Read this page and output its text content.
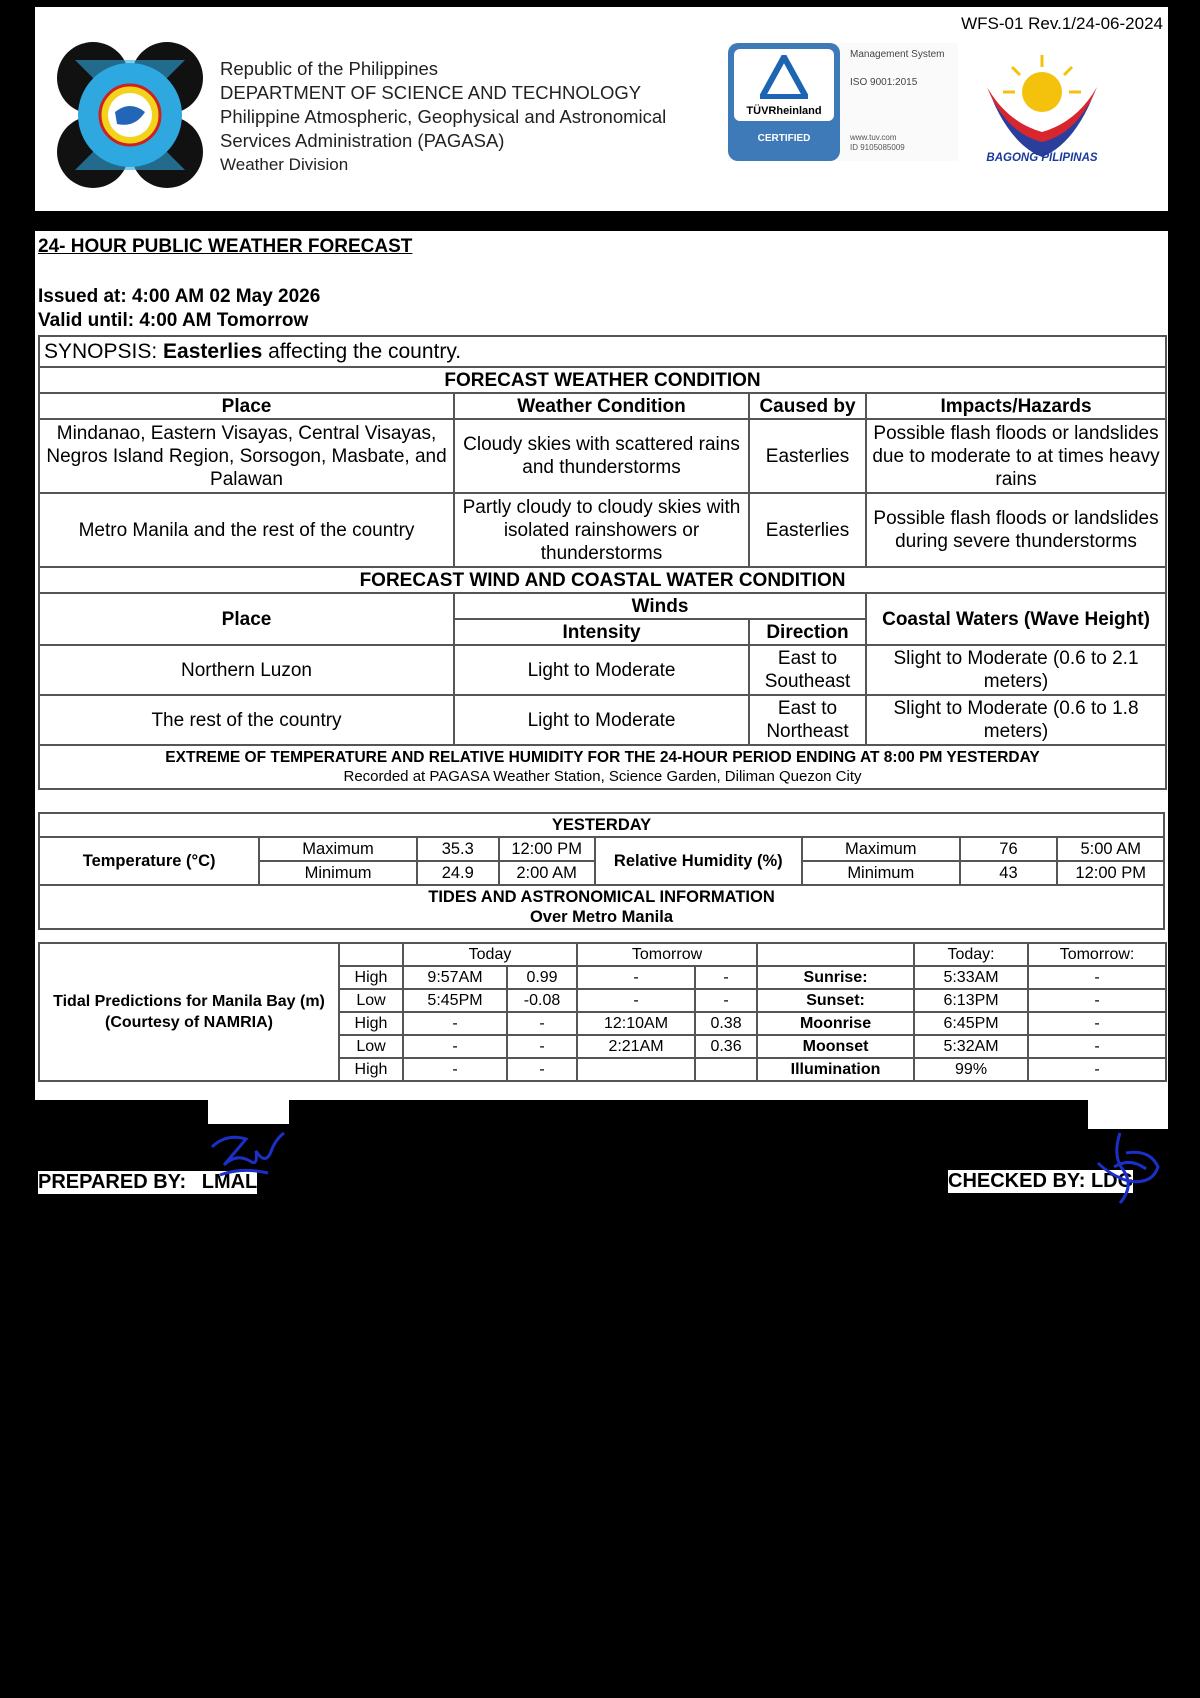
WFS-01 Rev.1/24-06-2024
Republic of the Philippines
DEPARTMENT OF SCIENCE AND TECHNOLOGY
Philippine Atmospheric, Geophysical and Astronomical
Services Administration (PAGASA)
Weather Division
TÜVRheinland
CERTIFIED
Management System
ISO 9001:2015
www.tuv.com
ID 9105085009
BAGONG PILIPINAS
24- HOUR PUBLIC WEATHER FORECAST
Issued at: 4:00 AM 02 May 2026
Valid until: 4:00 AM Tomorrow
SYNOPSIS: Easterlies affecting the country.			
FORECAST WEATHER CONDITION			
Place	Weather Condition	Caused by	Impacts/Hazards
Mindanao, Eastern Visayas, Central Visayas, Negros Island Region, Sorsogon, Masbate, and Palawan	Cloudy skies with scattered rains and thunderstorms	Easterlies	Possible flash floods or landslides due to moderate to at times heavy rains
Metro Manila and the rest of the country	Partly cloudy to cloudy skies with isolated rainshowers or thunderstorms	Easterlies	Possible flash floods or landslides during severe thunderstorms
FORECAST WIND AND COASTAL WATER CONDITION			
Place	Winds		Coastal Waters (Wave Height)
	Intensity	Direction	
Northern Luzon	Light to Moderate	East to Southeast	Slight to Moderate (0.6 to 2.1 meters)
The rest of the country	Light to Moderate	East to Northeast	Slight to Moderate (0.6 to 1.8 meters)

EXTREME OF TEMPERATURE AND RELATIVE HUMIDITY FOR THE 24-HOUR PERIOD ENDING AT 8:00 PM YESTERDAY
Recorded at PAGASA Weather Station, Science Garden, Diliman Quezon City			
YESTERDAY							
Temperature (°C)	Maximum	35.3	12:00 PM	Relative Humidity (%)	Maximum	76	5:00 AM
	Minimum	24.9	2:00 AM		Minimum	43	12:00 PM

TIDES AND ASTRONOMICAL INFORMATION
Over Metro Manila							
Tidal Predictions for Manila Bay (m) (Courtesy of NAMRIA)		Today		Tomorrow			Today:	Tomorrow:
	High	9:57AM	0.99	-	-	Sunrise:	5:33AM	-
	Low	5:45PM	-0.08	-	-	Sunset:	6:13PM	-
	High	-	-	12:10AM	0.38	Moonrise	6:45PM	-
	Low	-	-	2:21AM	0.36	Moonset	5:32AM	-
	High	-	-			Illumination	99%	-
PREPARED BY: LMAL	CHECKED BY: LDG
